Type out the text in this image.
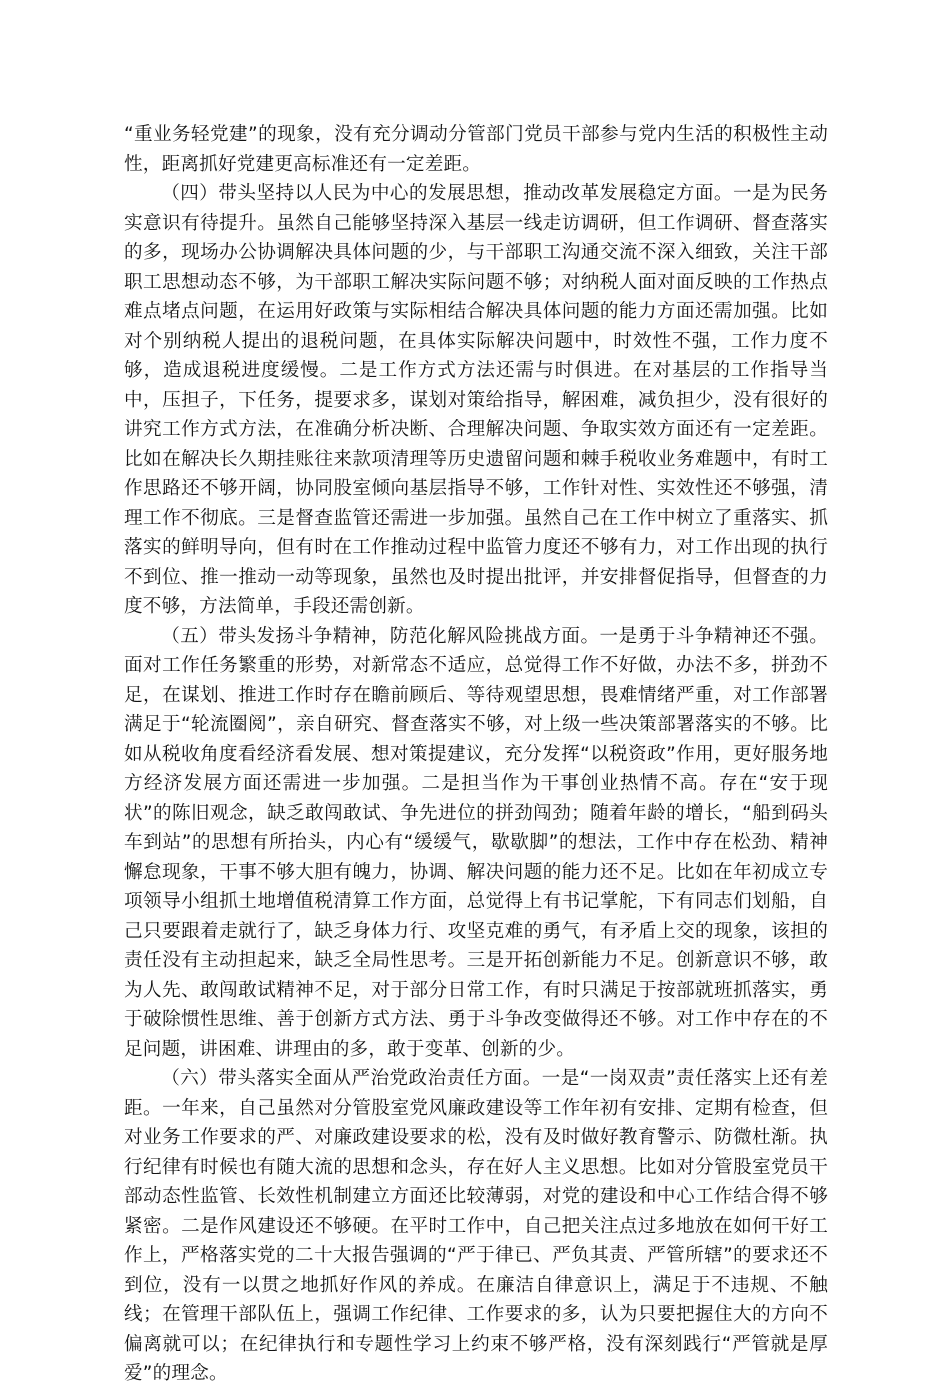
“重业务轻党建”的现象，没有充分调动分管部门党员干部参与党内生活的积极性主动性，距离抓好党建更高标准还有一定差距。

（四）带头坚持以人民为中心的发展思想，推动改革发展稳定方面。一是为民务实意识有待提升。虽然自己能够坚持深入基层一线走访调研，但工作调研、督查落实的多，现场办公协调解决具体问题的少，与干部职工沟通交流不深入细致，关注干部职工思想动态不够，为干部职工解决实际问题不够；对纳税人面对面反映的工作热点难点堵点问题，在运用好政策与实际相结合解决具体问题的能力方面还需加强。比如对个别纳税人提出的退税问题，在具体实际解决问题中，时效性不强，工作力度不够，造成退税进度缓慢。二是工作方式方法还需与时俱进。在对基层的工作指导当中，压担子，下任务，提要求多，谋划对策给指导，解困难，减负担少，没有很好的讲究工作方式方法，在准确分析决断、合理解决问题、争取实效方面还有一定差距。比如在解决长久期挂账往来款项清理等历史遗留问题和棘手税收业务难题中，有时工作思路还不够开阔，协同股室倾向基层指导不够，工作针对性、实效性还不够强，清理工作不彻底。三是督查监管还需进一步加强。虽然自己在工作中树立了重落实、抓落实的鲜明导向，但有时在工作推动过程中监管力度还不够有力，对工作出现的执行不到位、推一推动一动等现象，虽然也及时提出批评，并安排督促指导，但督查的力度不够，方法简单，手段还需创新。

（五）带头发扬斗争精神，防范化解风险挑战方面。一是勇于斗争精神还不强。面对工作任务繁重的形势，对新常态不适应，总觉得工作不好做，办法不多，拼劲不足，在谋划、推进工作时存在瞻前顾后、等待观望思想，畏难情绪严重，对工作部署满足于“轮流圈阅”，亲自研究、督查落实不够，对上级一些决策部署落实的不够。比如从税收角度看经济看发展、想对策提建议，充分发挥“以税资政”作用，更好服务地方经济发展方面还需进一步加强。二是担当作为干事创业热情不高。存在“安于现状”的陈旧观念，缺乏敢闯敢试、争先进位的拼劲闯劲；随着年龄的增长，“船到码头车到站”的思想有所抬头，内心有“缓缓气，歇歇脚”的想法，工作中存在松劲、精神懈怠现象，干事不够大胆有魄力，协调、解决问题的能力还不足。比如在年初成立专项领导小组抓土地增值税清算工作方面，总觉得上有书记掌舵，下有同志们划船，自己只要跟着走就行了，缺乏身体力行、攻坚克难的勇气，有矛盾上交的现象，该担的责任没有主动担起来，缺乏全局性思考。三是开拓创新能力不足。创新意识不够，敢为人先、敢闯敢试精神不足，对于部分日常工作，有时只满足于按部就班抓落实，勇于破除惯性思维、善于创新方式方法、勇于斗争改变做得还不够。对工作中存在的不足问题，讲困难、讲理由的多，敢于变革、创新的少。

（六）带头落实全面从严治党政治责任方面。一是“一岗双责”责任落实上还有差距。一年来，自己虽然对分管股室党风廉政建设等工作年初有安排、定期有检查，但对业务工作要求的严、对廉政建设要求的松，没有及时做好教育警示、防微杜渐。执行纪律有时候也有随大流的思想和念头，存在好人主义思想。比如对分管股室党员干部动态性监管、长效性机制建立方面还比较薄弱，对党的建设和中心工作结合得不够紧密。二是作风建设还不够硬。在平时工作中，自己把关注点过多地放在如何干好工作上，严格落实党的二十大报告强调的“严于律已、严负其责、严管所辖”的要求还不到位，没有一以贯之地抓好作风的养成。在廉洁自律意识上，满足于不违规、不触线；在管理干部队伍上，强调工作纪律、工作要求的多，认为只要把握住大的方向不偏离就可以；在纪律执行和专题性学习上约束不够严格，没有深刻践行“严管就是厚爱”的理念。
